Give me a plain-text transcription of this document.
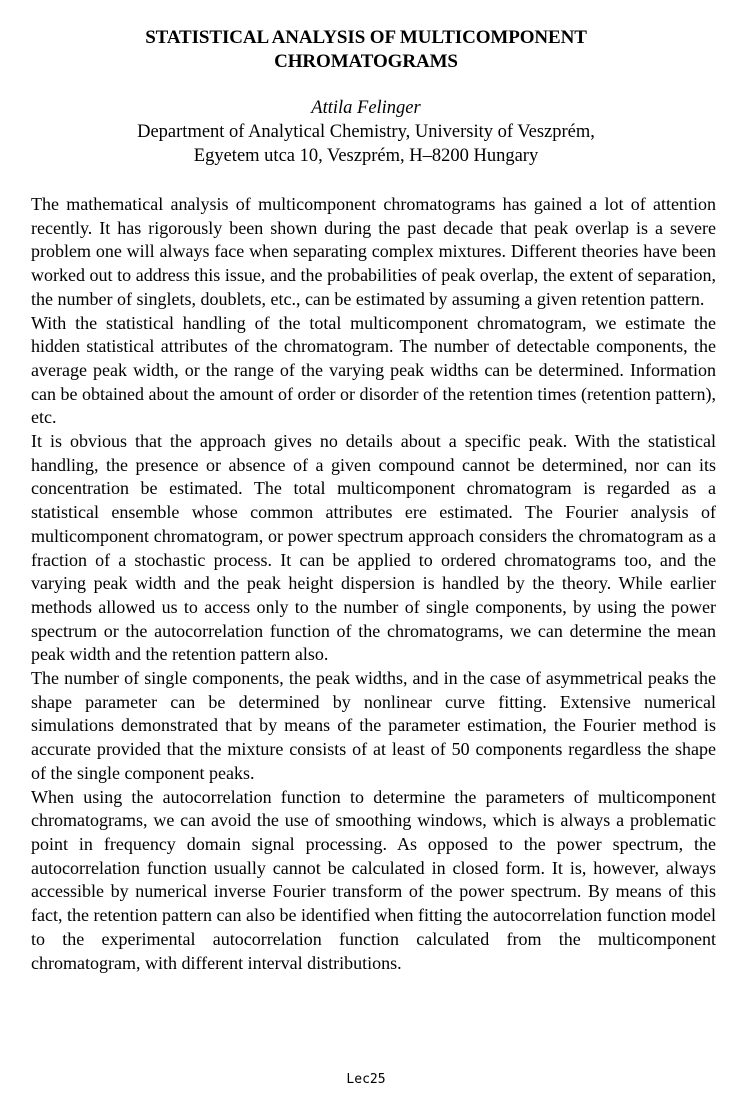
STATISTICAL ANALYSIS OF MULTICOMPONENT
CHROMATOGRAMS
Attila Felinger
Department of Analytical Chemistry, University of Veszprém,
Egyetem utca 10, Veszprém, H–8200 Hungary

The mathematical analysis of multicomponent chromatograms has gained a lot of attention recently. It has rigorously been shown during the past decade that peak overlap is a severe problem one will always face when separating complex mixtures. Different theories have been worked out to address this issue, and the probabilities of peak overlap, the extent of separation, the number of singlets, doublets, etc., can be estimated by assuming a given retention pattern.

With the statistical handling of the total multicomponent chromatogram, we estimate the hidden statistical attributes of the chromatogram. The number of detectable components, the average peak width, or the range of the varying peak widths can be determined. Information can be obtained about the amount of order or disorder of the retention times (retention pattern), etc.

It is obvious that the approach gives no details about a specific peak. With the statistical handling, the presence or absence of a given compound cannot be determined, nor can its concentration be estimated. The total multicomponent chromatogram is regarded as a statistical ensemble whose common attributes ere estimated. The Fourier analysis of multicomponent chromatogram, or power spectrum approach considers the chromatogram as a fraction of a stochastic process. It can be applied to ordered chromatograms too, and the varying peak width and the peak height dispersion is handled by the theory. While earlier methods allowed us to access only to the number of single components, by using the power spectrum or the autocorrelation function of the chromatograms, we can determine the mean peak width and the retention pattern also.

The number of single components, the peak widths, and in the case of asymmetrical peaks the shape parameter can be determined by nonlinear curve fitting. Extensive numerical simulations demonstrated that by means of the parameter estimation, the Fourier method is accurate provided that the mixture consists of at least of 50 components regardless the shape of the single component peaks.

When using the autocorrelation function to determine the parameters of multicomponent chromatograms, we can avoid the use of smoothing windows, which is always a problematic point in frequency domain signal processing. As opposed to the power spectrum, the autocorrelation function usually cannot be calculated in closed form. It is, however, always accessible by numerical inverse Fourier transform of the power spectrum. By means of this fact, the retention pattern can also be identified when fitting the autocorrelation function model to the experimental autocorrelation function calculated from the multicomponent chromatogram, with different interval distributions.

Lec25
